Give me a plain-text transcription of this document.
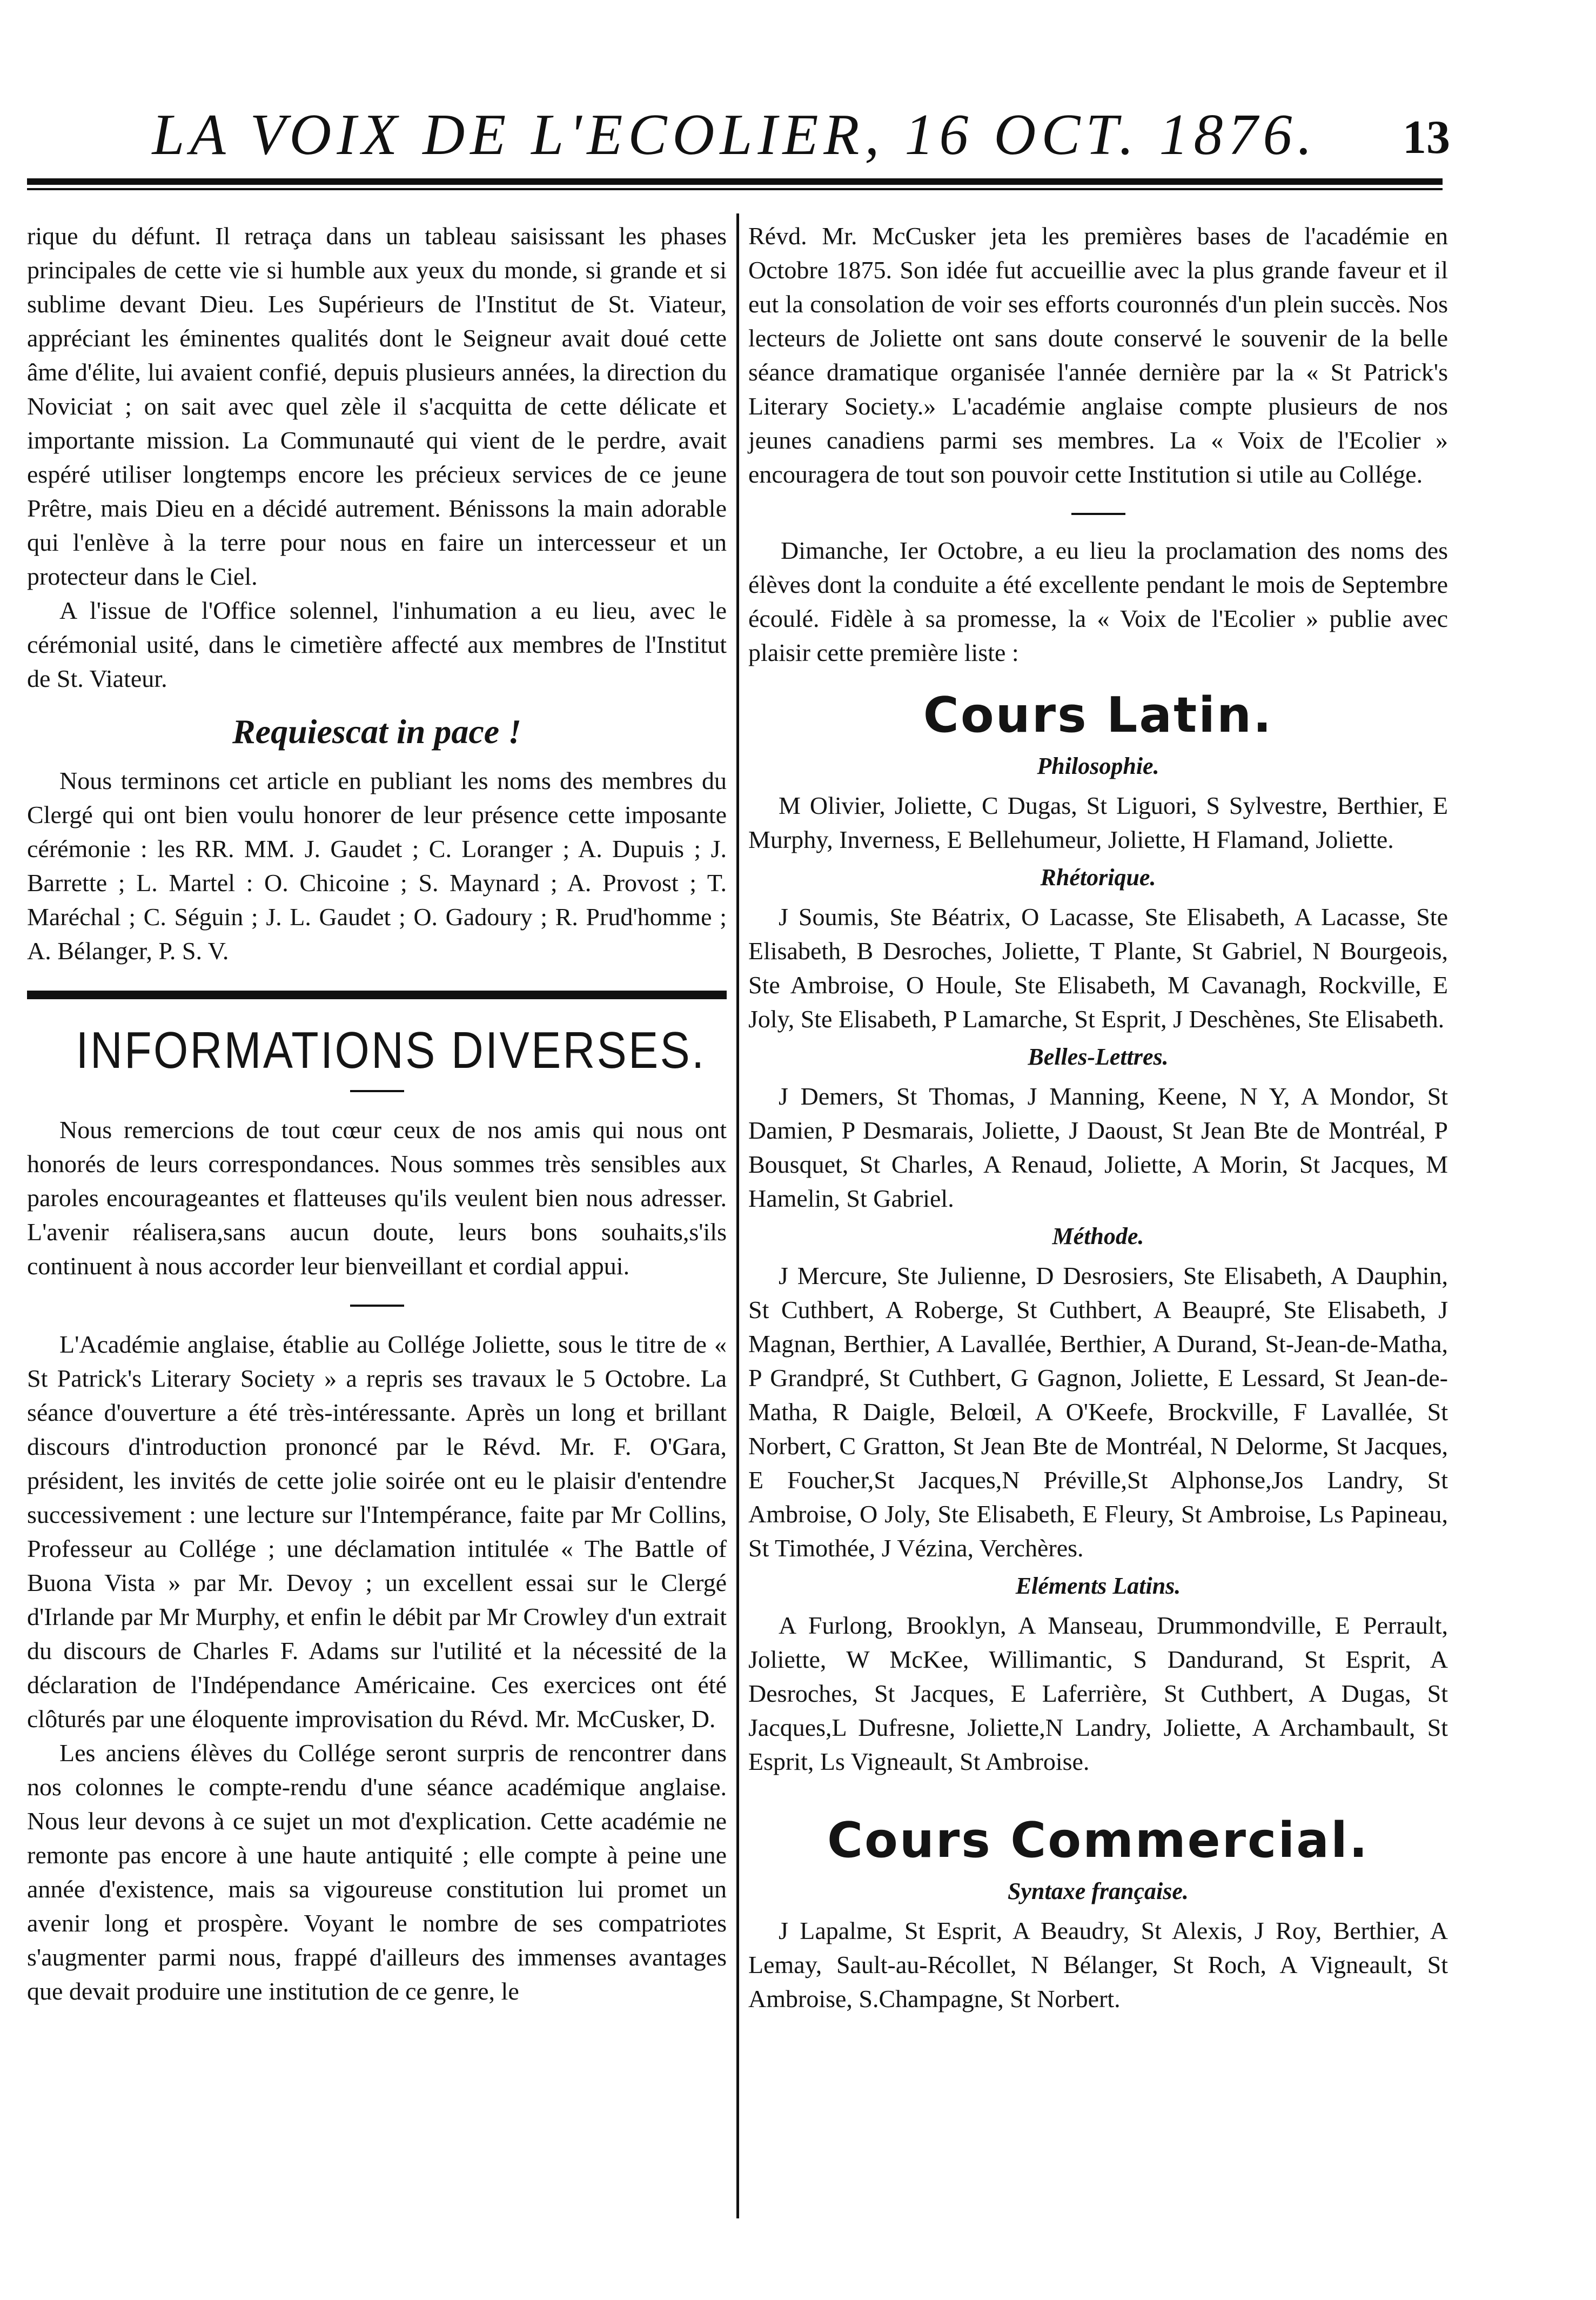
LA VOIX DE L'ECOLIER, 16 OCT. 1876.	13

rique du défunt. Il retraça dans un tableau saisissant les phases principales de cette vie si humble aux yeux du monde, si grande et si sublime devant Dieu. Les Supérieurs de l'Institut de St. Viateur, appréciant les éminentes qualités dont le Seigneur avait doué cette âme d'élite, lui avaient confié, depuis plusieurs années, la direction du Noviciat ; on sait avec quel zèle il s'acquitta de cette délicate et importante mission. La Communauté qui vient de le perdre, avait espéré utiliser longtemps encore les précieux services de ce jeune Prêtre, mais Dieu en a décidé autrement. Bénissons la main adorable qui l'enlève à la terre pour nous en faire un intercesseur et un protecteur dans le Ciel.

A l'issue de l'Office solennel, l'inhumation a eu lieu, avec le cérémonial usité, dans le cimetière affecté aux membres de l'Institut de St. Viateur.

Requiescat in pace !

Nous terminons cet article en publiant les noms des membres du Clergé qui ont bien voulu honorer de leur présence cette imposante cérémonie : les RR. MM. J. Gaudet ; C. Loranger ; A. Dupuis ; J. Barrette ; L. Martel : O. Chicoine ; S. Maynard ; A. Provost ; T. Maréchal ; C. Séguin ; J. L. Gaudet ; O. Gadoury ; R. Prud'homme ; A. Bélanger, P. S. V.

INFORMATIONS DIVERSES.

Nous remercions de tout cœur ceux de nos amis qui nous ont honorés de leurs correspondances. Nous sommes très sensibles aux paroles encourageantes et flatteuses qu'ils veulent bien nous adresser. L'avenir réalisera,sans aucun doute, leurs bons souhaits,s'ils continuent à nous accorder leur bienveillant et cordial appui.

L'Académie anglaise, établie au Collége Joliette, sous le titre de « St Patrick's Literary Society » a repris ses travaux le 5 Octobre. La séance d'ouverture a été très-intéressante. Après un long et brillant discours d'introduction prononcé par le Révd. Mr. F. O'Gara, président, les invités de cette jolie soirée ont eu le plaisir d'entendre successivement : une lecture sur l'Intempérance, faite par Mr Collins, Professeur au Collége ; une déclamation intitulée « The Battle of Buona Vista » par Mr. Devoy ; un excellent essai sur le Clergé d'Irlande par Mr Murphy, et enfin le débit par Mr Crowley d'un extrait du discours de Charles F. Adams sur l'utilité et la nécessité de la déclaration de l'Indépendance Américaine. Ces exercices ont été clôturés par une éloquente improvisation du Révd. Mr. McCusker, D.

Les anciens élèves du Collége seront surpris de rencontrer dans nos colonnes le compte-rendu d'une séance académique anglaise. Nous leur devons à ce sujet un mot d'explication. Cette académie ne remonte pas encore à une haute antiquité ; elle compte à peine une année d'existence, mais sa vigoureuse constitution lui promet un avenir long et prospère. Voyant le nombre de ses compatriotes s'augmenter parmi nous, frappé d'ailleurs des immenses avantages que devait produire une institution de ce genre, le

Révd. Mr. McCusker jeta les premières bases de l'académie en Octobre 1875. Son idée fut accueillie avec la plus grande faveur et il eut la consolation de voir ses efforts couronnés d'un plein succès. Nos lecteurs de Joliette ont sans doute conservé le souvenir de la belle séance dramatique organisée l'année dernière par la « St Patrick's Literary Society.» L'académie anglaise compte plusieurs de nos jeunes canadiens parmi ses membres. La « Voix de l'Ecolier » encouragera de tout son pouvoir cette Institution si utile au Collége.

Dimanche, Ier Octobre, a eu lieu la proclamation des noms des élèves dont la conduite a été excellente pendant le mois de Septembre écoulé. Fidèle à sa promesse, la « Voix de l'Ecolier » publie avec plaisir cette première liste :

Cours Latin.
Philosophie.

M Olivier, Joliette, C Dugas, St Liguori, S Sylvestre, Berthier, E Murphy, Inverness, E Bellehumeur, Joliette, H Flamand, Joliette.

Rhétorique.

J Soumis, Ste Béatrix, O Lacasse, Ste Elisabeth, A Lacasse, Ste Elisabeth, B Desroches, Joliette, T Plante, St Gabriel, N Bourgeois, Ste Ambroise, O Houle, Ste Elisabeth, M Cavanagh, Rockville, E Joly, Ste Elisabeth, P Lamarche, St Esprit, J Deschènes, Ste Elisabeth.

Belles-Lettres.

J Demers, St Thomas, J Manning, Keene, N Y, A Mondor, St Damien, P Desmarais, Joliette, J Daoust, St Jean Bte de Montréal, P Bousquet, St Charles, A Renaud, Joliette, A Morin, St Jacques, M Hamelin, St Gabriel.

Méthode.

J Mercure, Ste Julienne, D Desrosiers, Ste Elisabeth, A Dauphin, St Cuthbert, A Roberge, St Cuthbert, A Beaupré, Ste Elisabeth, J Magnan, Berthier, A Lavallée, Berthier, A Durand, St-Jean-de-Matha, P Grandpré, St Cuthbert, G Gagnon, Joliette, E Lessard, St Jean-de-Matha, R Daigle, Belœil, A O'Keefe, Brockville, F Lavallée, St Norbert, C Gratton, St Jean Bte de Montréal, N Delorme, St Jacques, E Foucher,St Jacques,N Préville,St Alphonse,Jos Landry, St Ambroise, O Joly, Ste Elisabeth, E Fleury, St Ambroise, Ls Papineau, St Timothée, J Vézina, Verchères.

Eléments Latins.

A Furlong, Brooklyn, A Manseau, Drummondville, E Perrault, Joliette, W McKee, Willimantic, S Dandurand, St Esprit, A Desroches, St Jacques, E Laferrière, St Cuthbert, A Dugas, St Jacques,L Dufresne, Joliette,N Landry, Joliette, A Archambault, St Esprit, Ls Vigneault, St Ambroise.

Cours Commercial.
Syntaxe française.

J Lapalme, St Esprit, A Beaudry, St Alexis, J Roy, Berthier, A Lemay, Sault-au-Récollet, N Bélanger, St Roch, A Vigneault, St Ambroise, S.Champagne, St Norbert.
